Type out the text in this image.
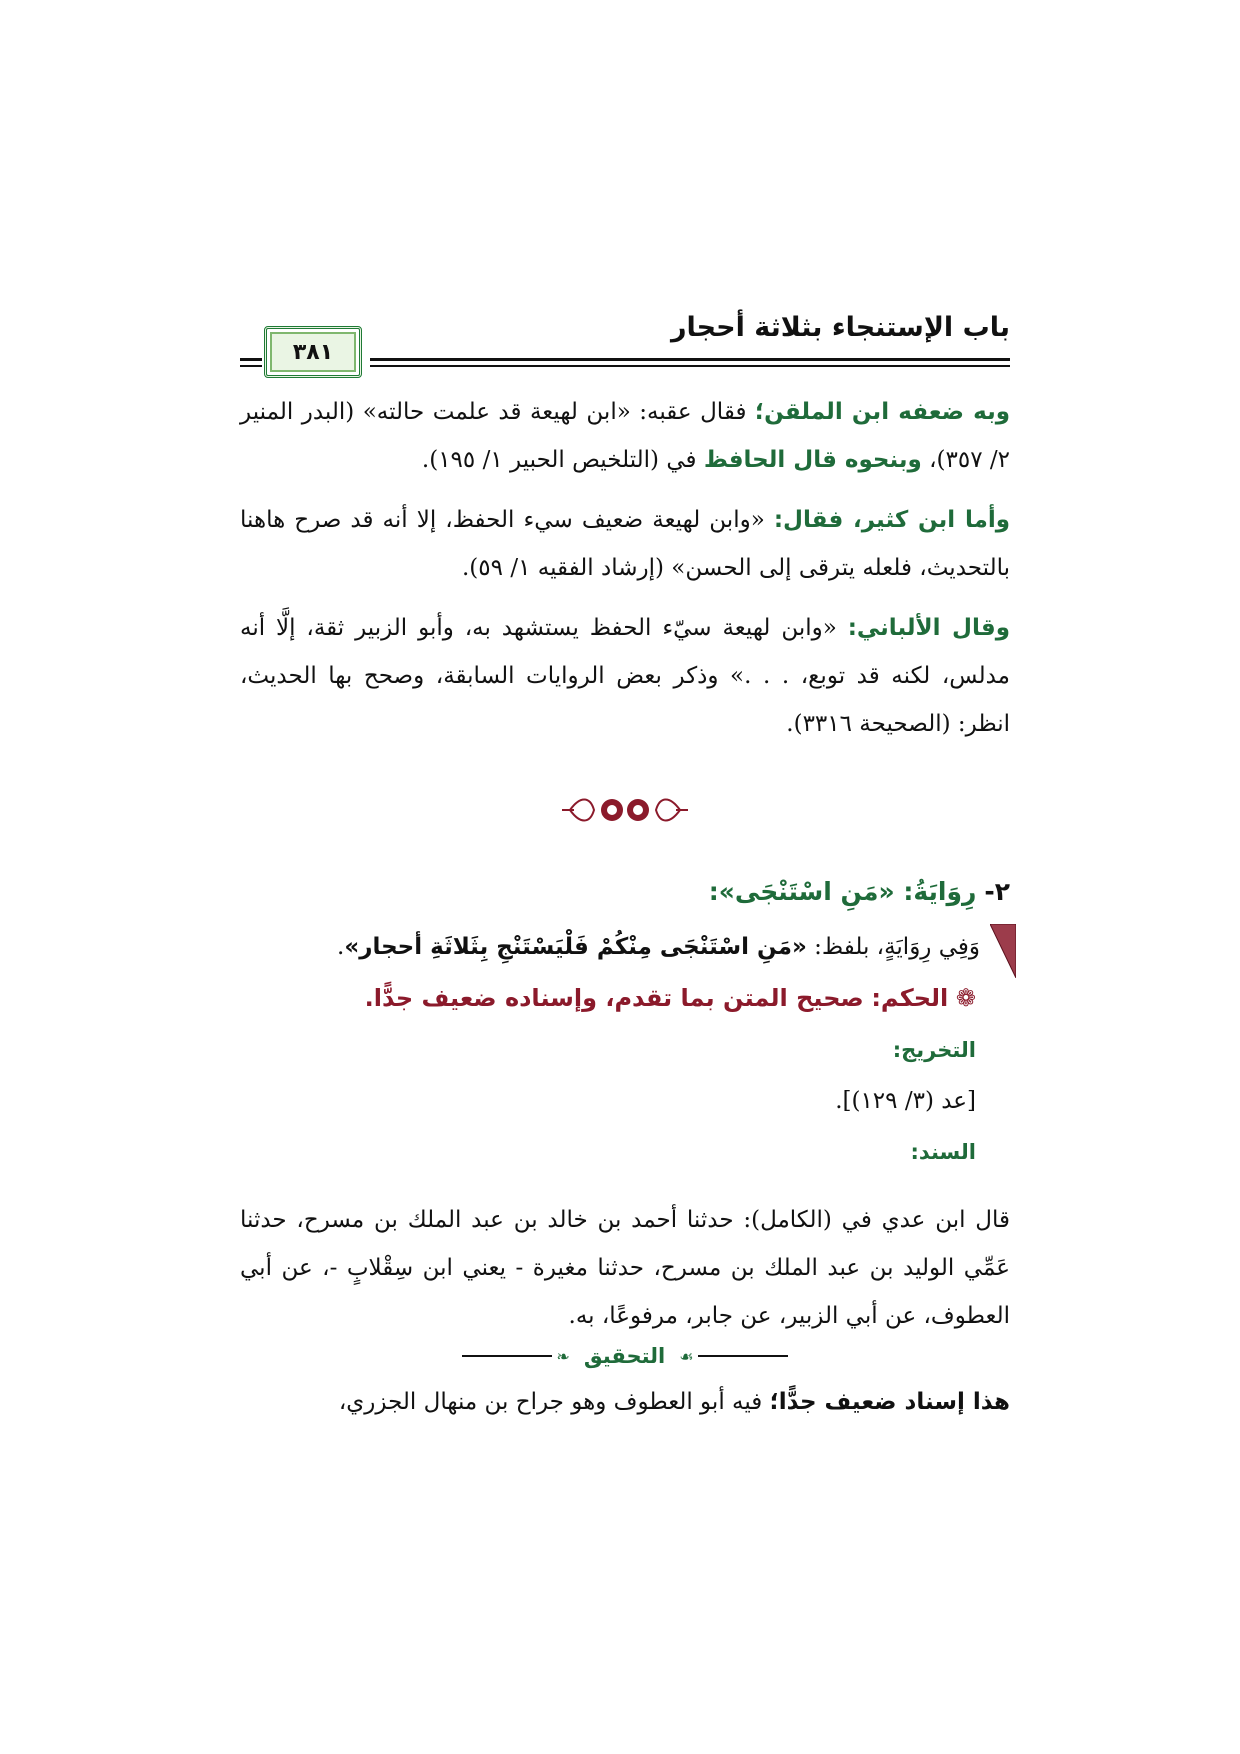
باب الإستنجاء بثلاثة أحجار
٣٨١

وبه ضعفه ابن الملقن؛ فقال عقبه: «ابن لهيعة قد علمت حالته» (البدر المنير ٢/ ٣٥٧)، وبنحوه قال الحافظ في (التلخيص الحبير ١/ ١٩٥).

وأما ابن كثير، فقال: «وابن لهيعة ضعيف سيء الحفظ، إلا أنه قد صرح هاهنا بالتحديث، فلعله يترقى إلى الحسن» (إرشاد الفقيه ١/ ٥٩).

وقال الألباني: «وابن لهيعة سيّء الحفظ يستشهد به، وأبو الزبير ثقة، إلَّا أنه مدلس، لكنه قد توبع، . . .» وذكر بعض الروايات السابقة، وصحح بها الحديث، انظر: (الصحيحة ٣٣١٦).

٢- رِوَايَةُ: «مَنِ اسْتَنْجَى»:
وَفِي رِوَايَةٍ، بلفظ: «مَنِ اسْتَنْجَى مِنْكُمْ فَلْيَسْتَنْجِ بِثَلاثَةِ أحجار».
❁ الحكم: صحيح المتن بما تقدم، وإسناده ضعيف جدًّا.
التخريج:
[عد (٣/ ١٢٩)].
السند:

قال ابن عدي في (الكامل): حدثنا أحمد بن خالد بن عبد الملك بن مسرح، حدثنا عَمِّي الوليد بن عبد الملك بن مسرح، حدثنا مغيرة - يعني ابن سِقْلابٍ -، عن أبي العطوف، عن أبي الزبير، عن جابر، مرفوعًا، به.

❧ التحقيق ☙

هذا إسناد ضعيف جدًّا؛ فيه أبو العطوف وهو جراح بن منهال الجزري،
